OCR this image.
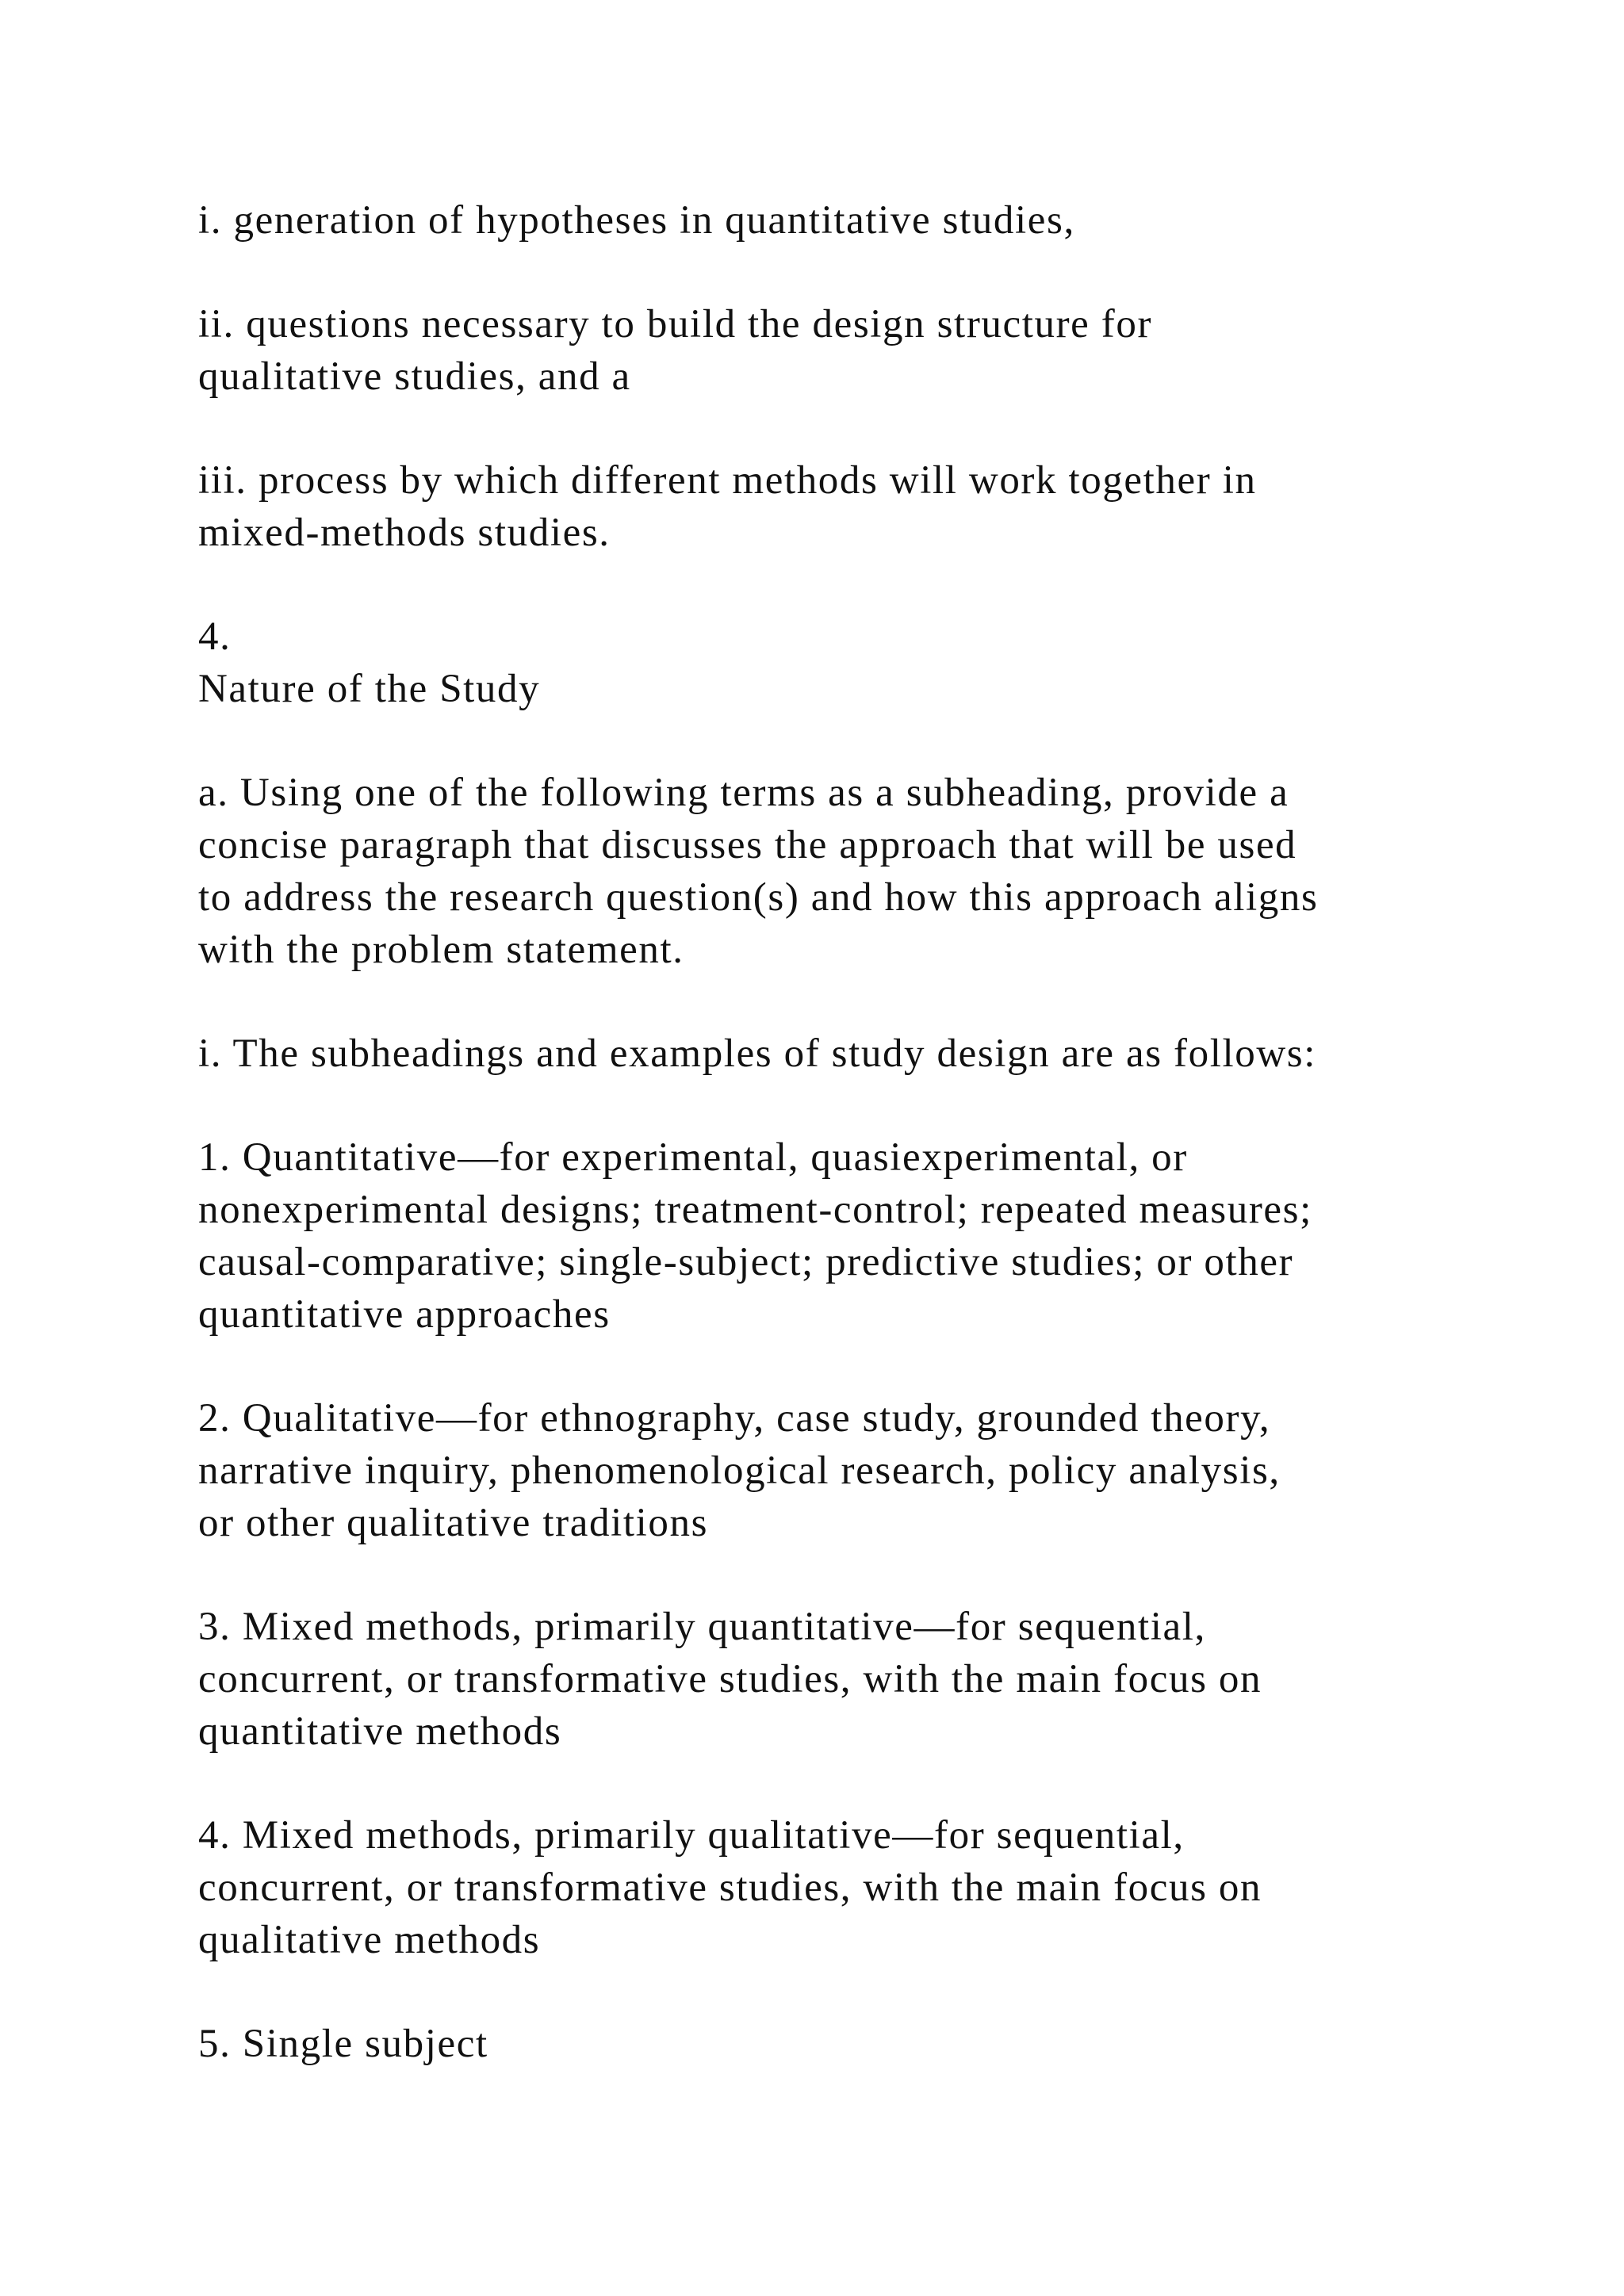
i. generation of hypotheses in quantitative studies,

ii. questions necessary to build the design structure for
qualitative studies, and a

iii. process by which different methods will work together in
mixed-methods studies.

4.
Nature of the Study

a. Using one of the following terms as a subheading, provide a
concise paragraph that discusses the approach that will be used
to address the research question(s) and how this approach aligns
with the problem statement.

i. The subheadings and examples of study design are as follows:

1. Quantitative—for experimental, quasiexperimental, or
nonexperimental designs; treatment-control; repeated measures;
causal-comparative; single-subject; predictive studies; or other
quantitative approaches

2. Qualitative—for ethnography, case study, grounded theory,
narrative inquiry, phenomenological research, policy analysis,
or other qualitative traditions

3. Mixed methods, primarily quantitative—for sequential,
concurrent, or transformative studies, with the main focus on
quantitative methods

4. Mixed methods, primarily qualitative—for sequential,
concurrent, or transformative studies, with the main focus on
qualitative methods

5. Single subject
